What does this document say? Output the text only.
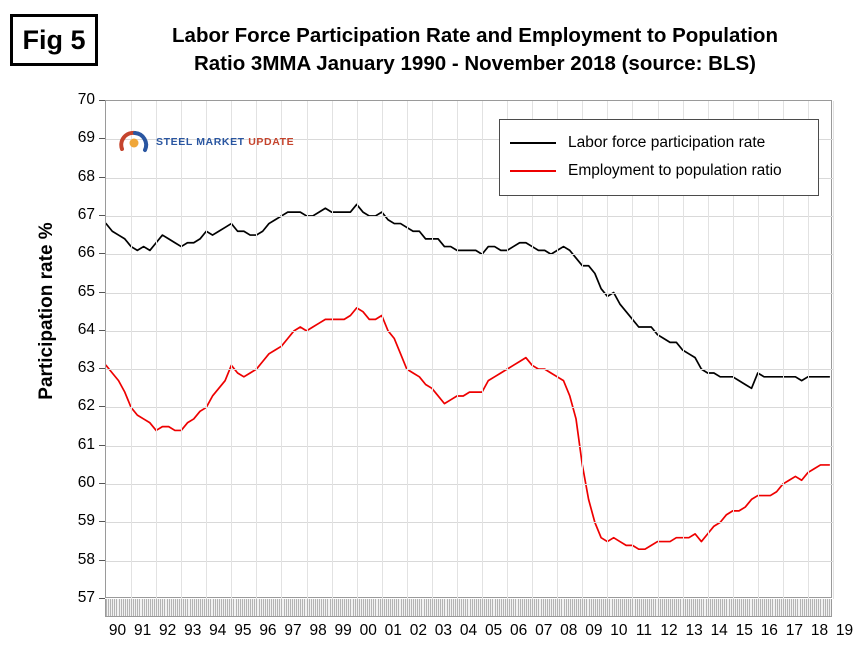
Fig 5	Labor Force Participation Rate and Employment to Population
Ratio 3MMA January 1990 - November 2018 (source: BLS)
Participation rate %
STEEL MARKET UPDATE	Labor force participation rate
Employment to population ratio
90 91 92 93 94 95 96 97 98 99 00 01 02 03 04 05 06 07 08 09 10 11 12 13 14 15 16 17 18 19
57
58
59
60
61
62
63
64
65
66
67
68
69
70
